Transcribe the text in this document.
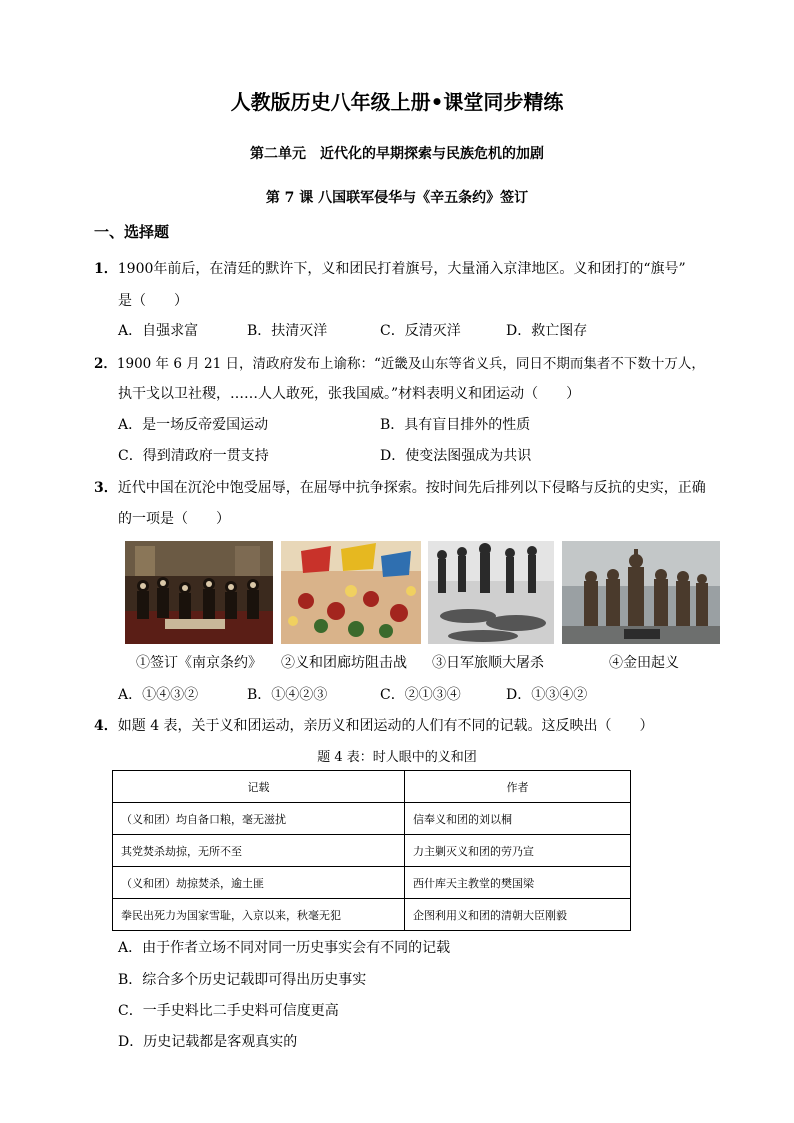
人教版历史八年级上册•课堂同步精练
第二单元　近代化的早期探索与民族危机的加剧
第 7 课 八国联军侵华与《辛五条约》签订
一、选择题
1．1900年前后，在清廷的默许下，义和团民打着旗号，大量涌入京津地区。义和团打的“旗号”
是（　　）
A．自强求富	B．扶清灭洋	C．反清灭洋	D．救亡图存
2．1900 年 6 月 21 日，清政府发布上谕称：“近畿及山东等省义兵，同日不期而集者不下数十万人，
执干戈以卫社稷，……人人敢死，张我国威。”材料表明义和团运动（　　）
A．是一场反帝爱国运动	B．具有盲目排外的性质
C．得到清政府一贯支持	D．使变法图强成为共识
3．近代中国在沉沦中饱受屈辱，在屈辱中抗争探索。按时间先后排列以下侵略与反抗的史实，正确
的一项是（　　）
①签订《南京条约》 ②义和团廊坊阻击战 ③日军旅顺大屠杀	④金田起义
A．①④③②	B．①④②③	C．②①③④	D．①③④②
4．如题 4 表，关于义和团运动，亲历义和团运动的人们有不同的记载。这反映出（　　）
题 4 表：时人眼中的义和团
记载	作者
（义和团）均自备口粮，毫无滋扰	信奉义和团的刘以桐
其党焚杀劫掠，无所不至	力主剿灭义和团的劳乃宣
（义和团）劫掠焚杀，逾土匪	西什库天主教堂的樊国梁
拳民出死力为国家雪耻，入京以来，秋毫无犯	企图利用义和团的清朝大臣刚毅
A．由于作者立场不同对同一历史事实会有不同的记载
B．综合多个历史记载即可得出历史事实
C．一手史料比二手史料可信度更高
D．历史记载都是客观真实的
